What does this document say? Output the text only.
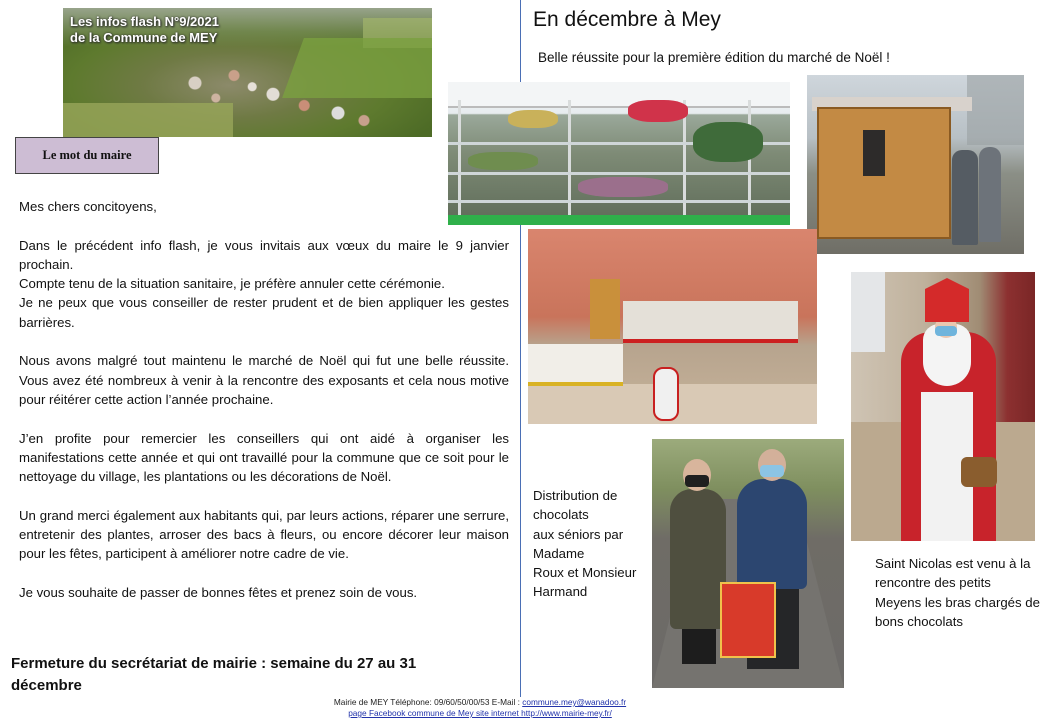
Les infos flash N°9/2021
de la Commune de MEY
Le mot du maire

Mes chers concitoyens,

Dans le précédent info flash, je vous invitais aux vœux du maire le 9 janvier prochain.

Compte tenu de la situation sanitaire, je préfère annuler cette cérémonie.

Je ne peux que vous conseiller de rester prudent et de bien appliquer les gestes barrières.

Nous avons malgré tout maintenu le marché de Noël qui fut une belle réussite. Vous avez été nombreux à venir à la rencontre des exposants et cela nous motive pour réitérer cette action l’année prochaine.

J’en profite pour remercier les conseillers qui ont aidé à organiser les manifestations cette année et qui ont travaillé pour la commune que ce soit pour le nettoyage du village, les plantations ou les décorations de Noël.

Un grand merci également aux habitants qui, par leurs actions, réparer une serrure, entretenir des plantes, arroser des bacs à fleurs, ou encore décorer leur maison pour les fêtes, participent à améliorer notre cadre de vie.

Je vous souhaite de passer de bonnes fêtes et prenez soin de vous.

Fermeture du secrétariat de mairie : semaine du 27 au 31 décembre
Mairie de MEY Téléphone: 09/60/50/00/53 E-Mail : commune.mey@wanadoo.fr
page Facebook commune de Mey site internet http://www.mairie-mey.fr/
En décembre à Mey
Belle réussite pour la première édition du marché de Noël !
Distribution de chocolats
aux séniors par Madame
Roux et Monsieur Harmand
Saint Nicolas est venu à la rencontre des petits Meyens les bras chargés de bons chocolats
